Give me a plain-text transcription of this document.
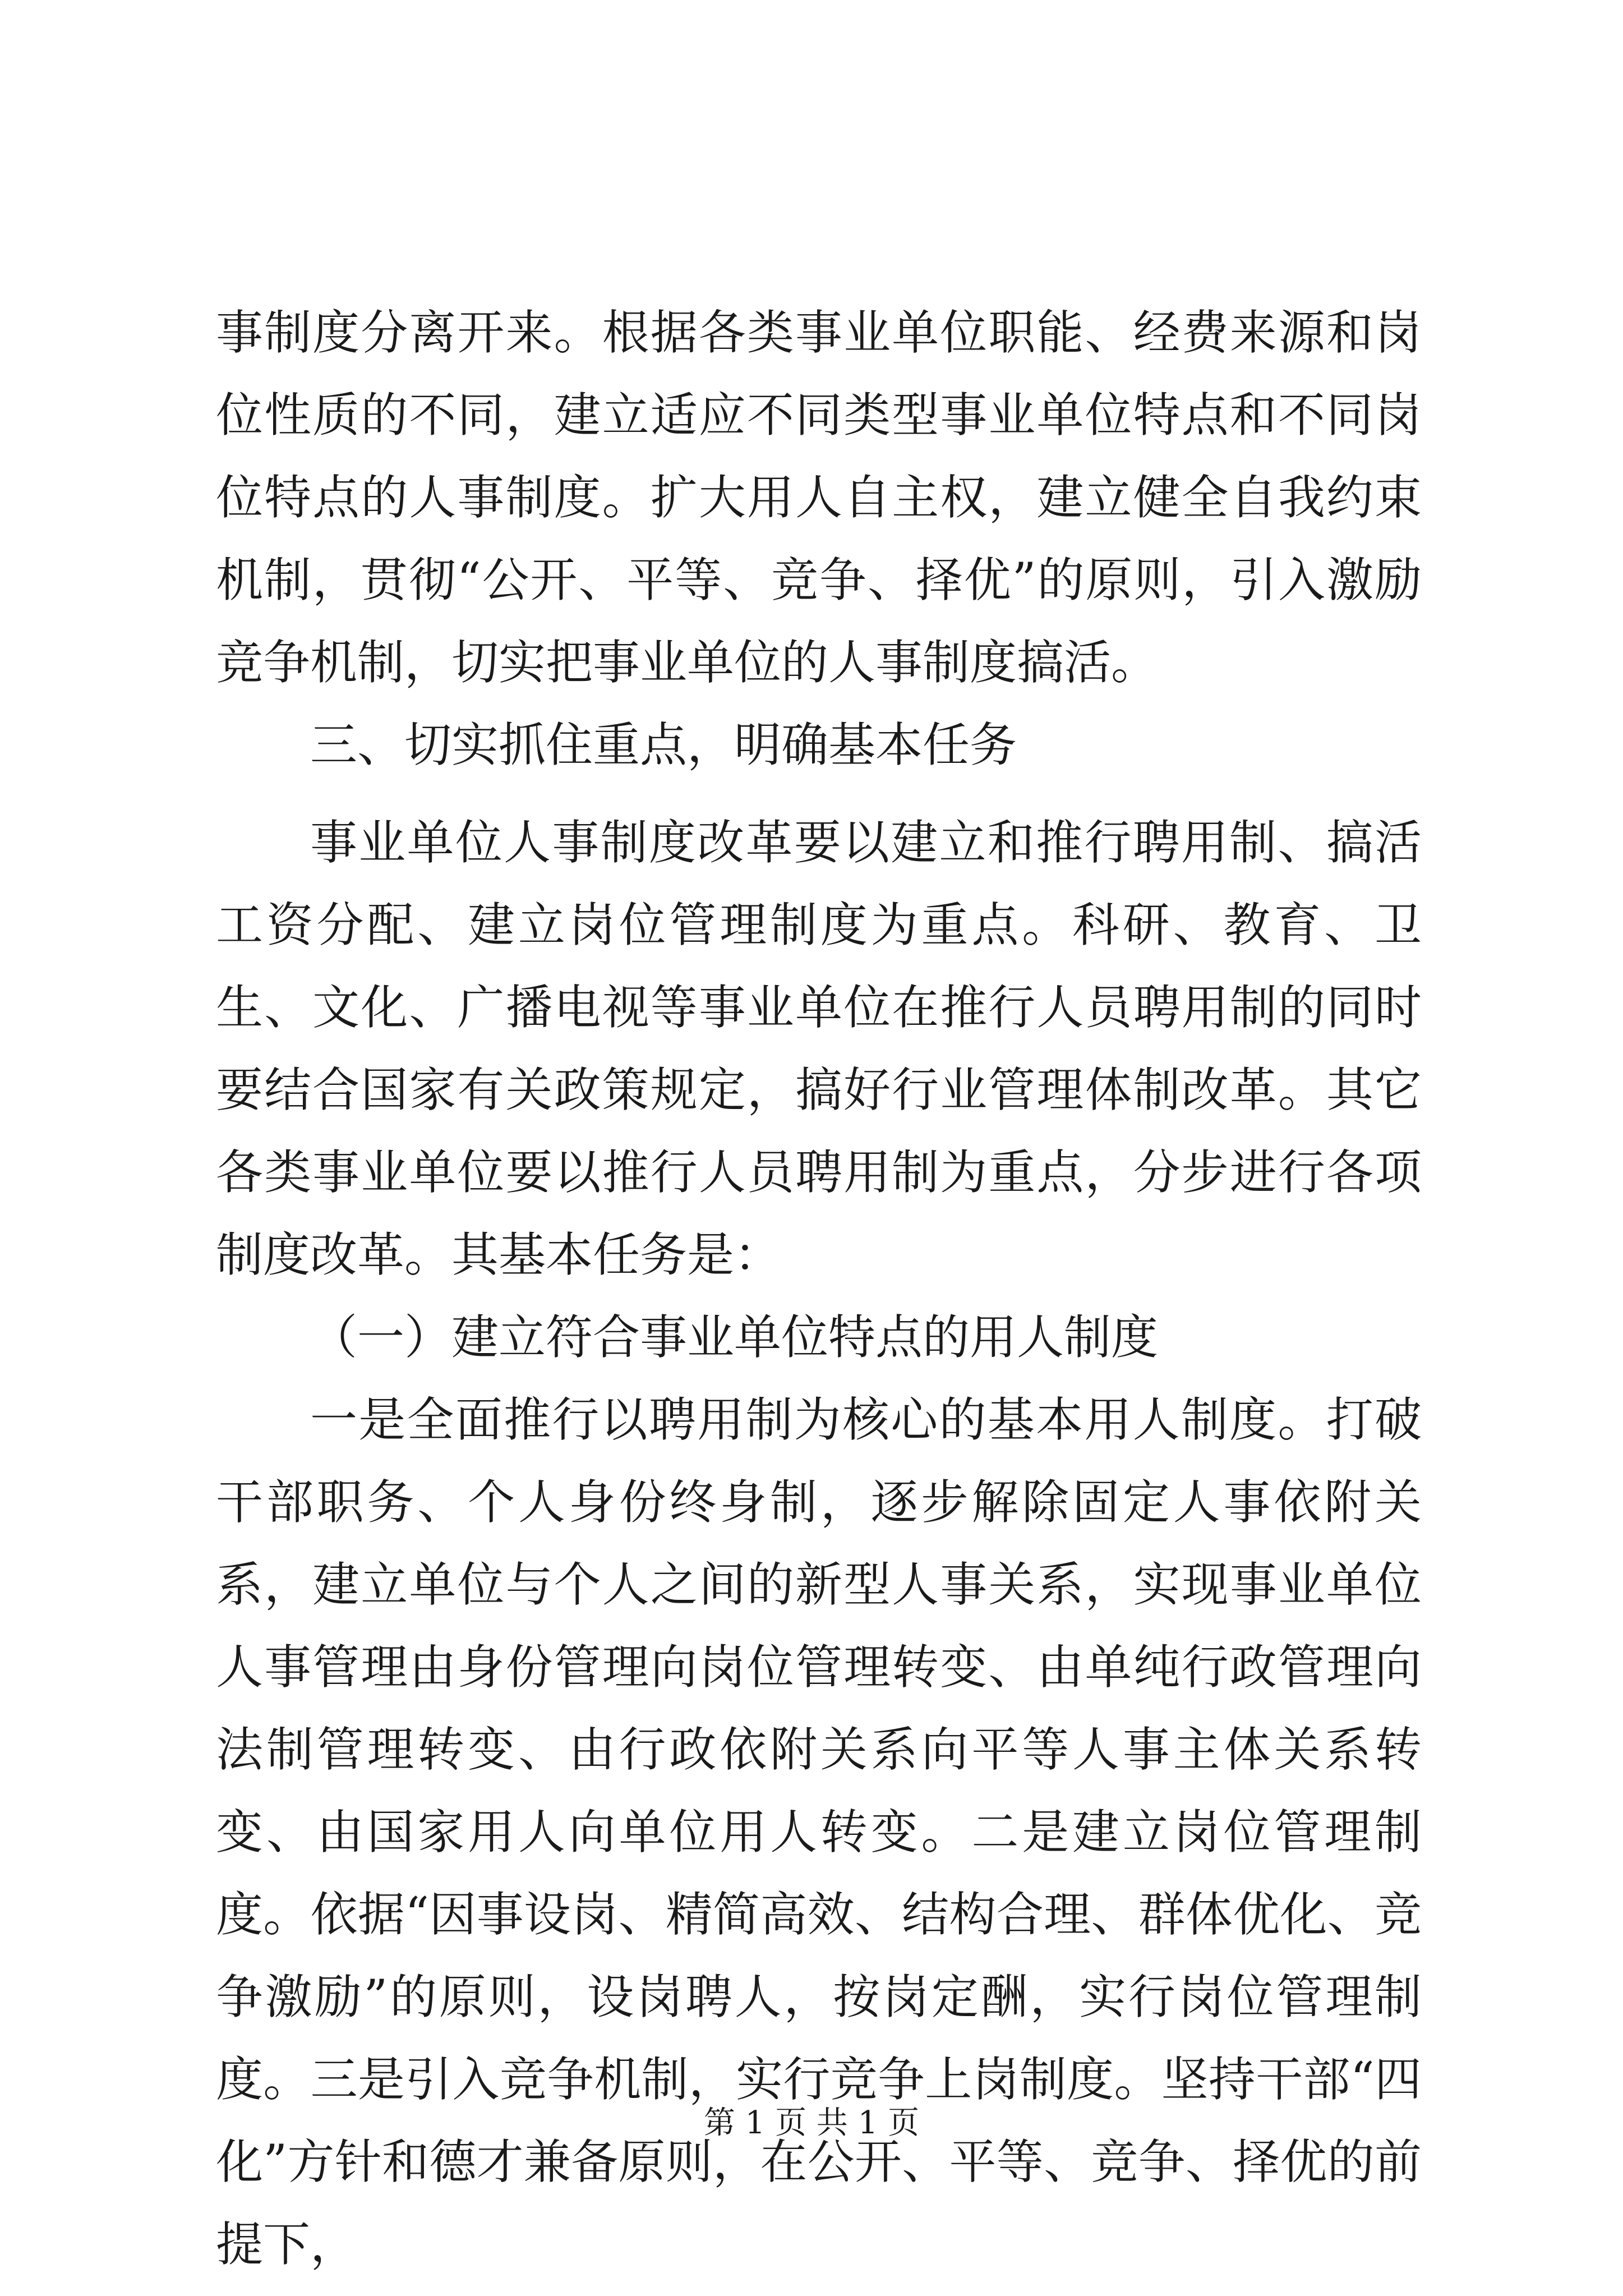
事制度分离开来。根据各类事业单位职能、经费来源和岗位性质的不同，建立适应不同类型事业单位特点和不同岗位特点的人事制度。扩大用人自主权，建立健全自我约束机制，贯彻“公开、平等、竞争、择优”的原则，引入激励竞争机制，切实把事业单位的人事制度搞活。

三、切实抓住重点，明确基本任务

事业单位人事制度改革要以建立和推行聘用制、搞活工资分配、建立岗位管理制度为重点。科研、教育、卫生、文化、广播电视等事业单位在推行人员聘用制的同时要结合国家有关政策规定，搞好行业管理体制改革。其它各类事业单位要以推行人员聘用制为重点，分步进行各项制度改革。其基本任务是：

（一）建立符合事业单位特点的用人制度

一是全面推行以聘用制为核心的基本用人制度。打破干部职务、个人身份终身制，逐步解除固定人事依附关系，建立单位与个人之间的新型人事关系，实现事业单位人事管理由身份管理向岗位管理转变、由单纯行政管理向法制管理转变、由行政依附关系向平等人事主体关系转变、由国家用人向单位用人转变。二是建立岗位管理制度。依据“因事设岗、精简高效、结构合理、群体优化、竞争激励”的原则，设岗聘人，按岗定酬，实行岗位管理制度。三是引入竞争机制，实行竞争上岗制度。坚持干部“四化”方针和德才兼备原则，在公开、平等、竞争、择优的前提下，

第 1 页 共 1 页
